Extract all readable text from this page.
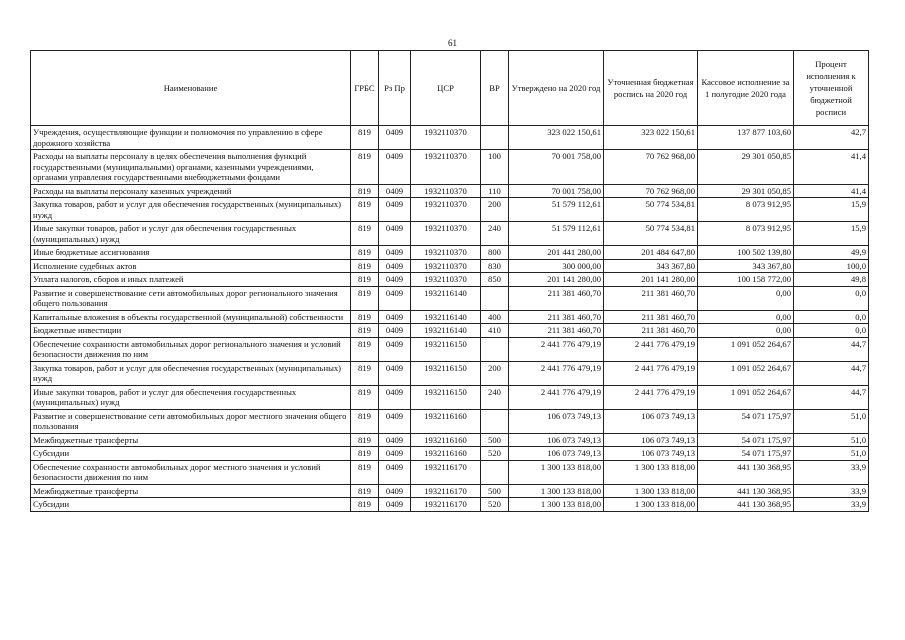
61
Наименование	ГРБС	Рз Пр	ЦСР	ВР	Утверждено на 2020 год	Уточненная бюджетная роспись на 2020 год	Кассовое исполнение за 1 полугодие 2020 года	Процент исполнения к уточненной бюджетной росписи
Учреждения, осуществляющие функции и полномочия по управлению в сфере дорожного хозяйства	819	0409	1932110370		323 022 150,61	323 022 150,61	137 877 103,60	42,7
Расходы на выплаты персоналу в целях обеспечения выполнения функций государственными (муниципальными) органами, казенными учреждениями, органами управления государственными внебюджетными фондами	819	0409	1932110370	100	70 001 758,00	70 762 968,00	29 301 050,85	41,4
Расходы на выплаты персоналу казенных учреждений	819	0409	1932110370	110	70 001 758,00	70 762 968,00	29 301 050,85	41,4
Закупка товаров, работ и услуг для обеспечения государственных (муниципальных) нужд	819	0409	1932110370	200	51 579 112,61	50 774 534,81	8 073 912,95	15,9
Иные закупки товаров, работ и услуг для обеспечения государственных (муниципальных) нужд	819	0409	1932110370	240	51 579 112,61	50 774 534,81	8 073 912,95	15,9
Иные бюджетные ассигнования	819	0409	1932110370	800	201 441 280,00	201 484 647,80	100 502 139,80	49,9
Исполнение судебных актов	819	0409	1932110370	830	300 000,00	343 367,80	343 367,80	100,0
Уплата налогов, сборов и иных платежей	819	0409	1932110370	850	201 141 280,00	201 141 280,00	100 158 772,00	49,8
Развитие и совершенствование сети автомобильных дорог регионального значения общего пользования	819	0409	1932116140		211 381 460,70	211 381 460,70	0,00	0,0
Капитальные вложения в объекты государственной (муниципальной) собственности	819	0409	1932116140	400	211 381 460,70	211 381 460,70	0,00	0,0
Бюджетные инвестиции	819	0409	1932116140	410	211 381 460,70	211 381 460,70	0,00	0,0
Обеспечение сохранности автомобильных дорог регионального значения и условий безопасности движения по ним	819	0409	1932116150		2 441 776 479,19	2 441 776 479,19	1 091 052 264,67	44,7
Закупка товаров, работ и услуг для обеспечения государственных (муниципальных) нужд	819	0409	1932116150	200	2 441 776 479,19	2 441 776 479,19	1 091 052 264,67	44,7
Иные закупки товаров, работ и услуг для обеспечения государственных (муниципальных) нужд	819	0409	1932116150	240	2 441 776 479,19	2 441 776 479,19	1 091 052 264,67	44,7
Развитие и совершенствование сети автомобильных дорог местного значения общего пользования	819	0409	1932116160		106 073 749,13	106 073 749,13	54 071 175,97	51,0
Межбюджетные трансферты	819	0409	1932116160	500	106 073 749,13	106 073 749,13	54 071 175,97	51,0
Субсидии	819	0409	1932116160	520	106 073 749,13	106 073 749,13	54 071 175,97	51,0
Обеспечение сохранности автомобильных дорог местного значения и условий безопасности движения по ним	819	0409	1932116170		1 300 133 818,00	1 300 133 818,00	441 130 368,95	33,9
Межбюджетные трансферты	819	0409	1932116170	500	1 300 133 818,00	1 300 133 818,00	441 130 368,95	33,9
Субсидии	819	0409	1932116170	520	1 300 133 818,00	1 300 133 818,00	441 130 368,95	33,9
